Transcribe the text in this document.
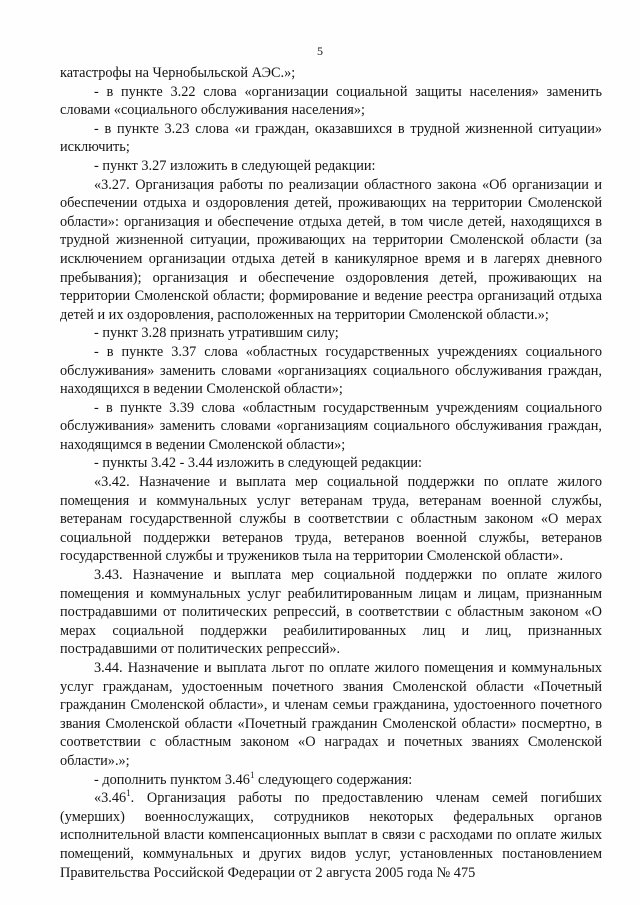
5

катастрофы на Чернобыльской АЭС.»;

- в пункте 3.22 слова «организации социальной защиты населения» заменить словами «социального обслуживания населения»;

- в пункте 3.23 слова «и граждан, оказавшихся в трудной жизненной ситуации» исключить;

- пункт 3.27 изложить в следующей редакции:

«3.27. Организация работы по реализации областного закона «Об организации и обеспечении отдыха и оздоровления детей, проживающих на территории Смоленской области»: организация и обеспечение отдыха детей, в том числе детей, находящихся в трудной жизненной ситуации, проживающих на территории Смоленской области (за исключением организации отдыха детей в каникулярное время и в лагерях дневного пребывания); организация и обеспечение оздоровления детей, проживающих на территории Смоленской области; формирование и ведение реестра организаций отдыха детей и их оздоровления, расположенных на территории Смоленской области.»;

- пункт 3.28 признать утратившим силу;

- в пункте 3.37 слова «областных государственных учреждениях социального обслуживания» заменить словами «организациях социального обслуживания граждан, находящихся в ведении Смоленской области»;

- в пункте 3.39 слова «областным государственным учреждениям социального обслуживания» заменить словами «организациям социального обслуживания граждан, находящимся в ведении Смоленской области»;

- пункты 3.42 - 3.44 изложить в следующей редакции:

«3.42. Назначение и выплата мер социальной поддержки по оплате жилого помещения и коммунальных услуг ветеранам труда, ветеранам военной службы, ветеранам государственной службы в соответствии с областным законом «О мерах социальной поддержки ветеранов труда, ветеранов военной службы, ветеранов государственной службы и тружеников тыла на территории Смоленской области».

3.43. Назначение и выплата мер социальной поддержки по оплате жилого помещения и коммунальных услуг реабилитированным лицам и лицам, признанным пострадавшими от политических репрессий, в соответствии с областным законом «О мерах социальной поддержки реабилитированных лиц и лиц, признанных пострадавшими от политических репрессий».

3.44. Назначение и выплата льгот по оплате жилого помещения и коммунальных услуг гражданам, удостоенным почетного звания Смоленской области «Почетный гражданин Смоленской области», и членам семьи гражданина, удостоенного почетного звания Смоленской области «Почетный гражданин Смоленской области» посмертно, в соответствии с областным законом «О наградах и почетных званиях Смоленской области».»;

- дополнить пунктом 3.46$^1$ следующего содержания:

«3.46$^1$. Организация работы по предоставлению членам семей погибших (умерших) военнослужащих, сотрудников некоторых федеральных органов исполнительной власти компенсационных выплат в связи с расходами по оплате жилых помещений, коммунальных и других видов услуг, установленных постановлением Правительства Российской Федерации от 2 августа 2005 года № 475
